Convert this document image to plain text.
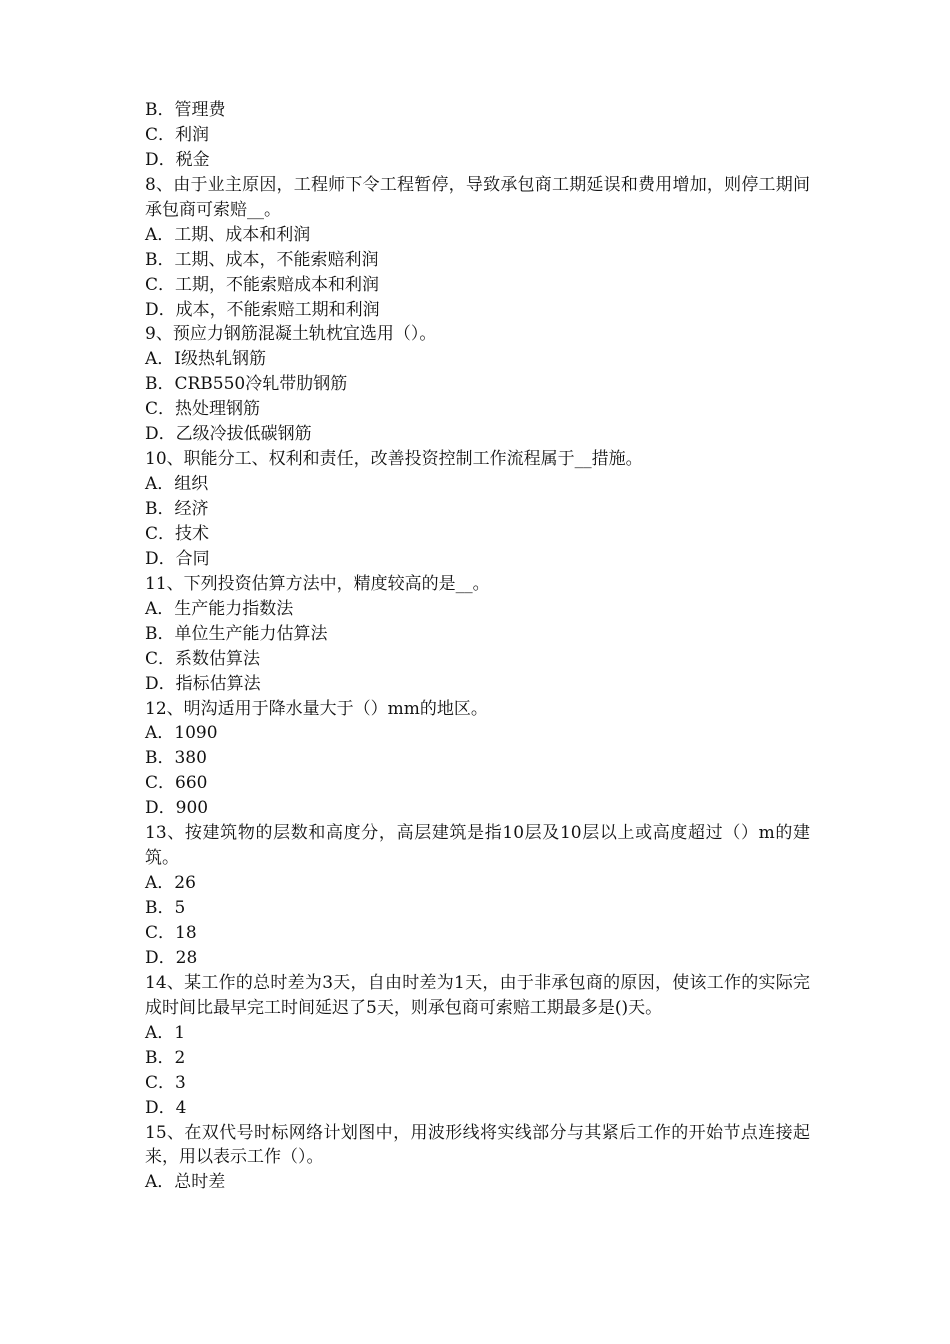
B．管理费
C．利润
D．税金
8、由于业主原因，工程师下令工程暂停，导致承包商工期延误和费用增加，则停工期间承包商可索赔__。
A．工期、成本和利润
B．工期、成本，不能索赔利润
C．工期，不能索赔成本和利润
D．成本，不能索赔工期和利润
9、预应力钢筋混凝土轨枕宜选用（）。
A．Ⅰ级热轧钢筋
B．CRB550冷轧带肋钢筋
C．热处理钢筋
D．乙级冷拔低碳钢筋
10、职能分工、权利和责任，改善投资控制工作流程属于__措施。
A．组织
B．经济
C．技术
D．合同
11、下列投资估算方法中，精度较高的是__。
A．生产能力指数法
B．单位生产能力估算法
C．系数估算法
D．指标估算法
12、明沟适用于降水量大于（）mm的地区。
A．1090
B．380
C．660
D．900
13、按建筑物的层数和高度分，高层建筑是指10层及10层以上或高度超过（）m的建筑。
A．26
B．5
C．18
D．28
14、某工作的总时差为3天，自由时差为1天，由于非承包商的原因，使该工作的实际完成时间比最早完工时间延迟了5天，则承包商可索赔工期最多是()天。
A．1
B．2
C．3
D．4
15、在双代号时标网络计划图中，用波形线将实线部分与其紧后工作的开始节点连接起来，用以表示工作（）。
A．总时差
